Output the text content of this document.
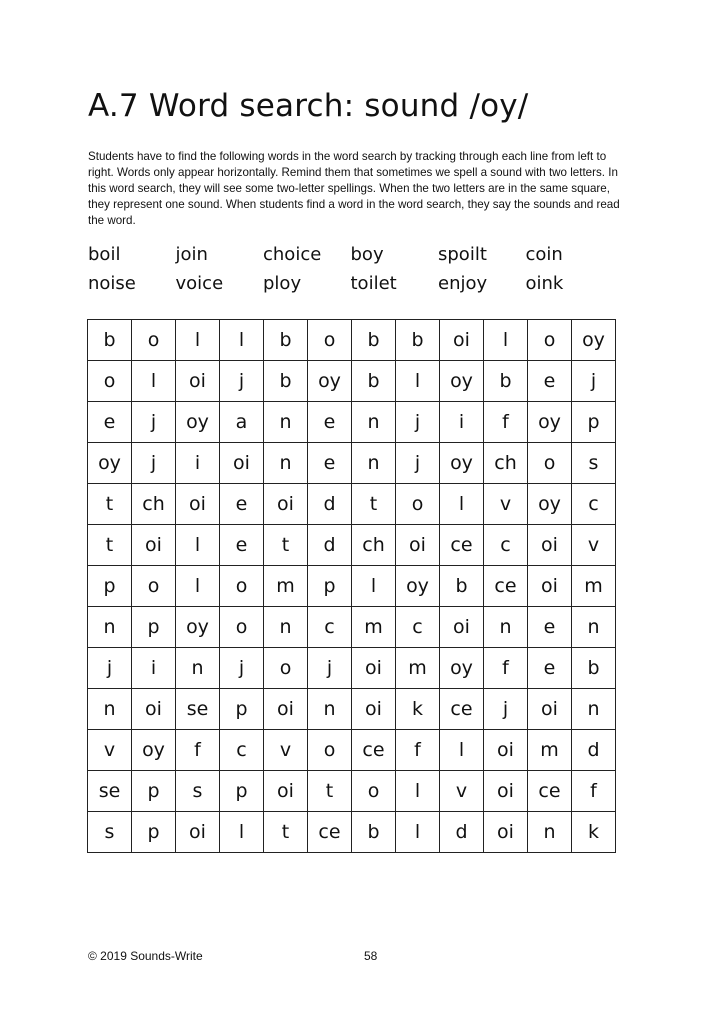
A.7 Word search: sound /oy/

Students have to find the following words in the word search by tracking through each line from left to right. Words only appear horizontally. Remind them that sometimes we spell a sound with two letters. In this word search, they will see some two-letter spellings. When the two letters are in the same square, they represent one sound. When students find a word in the word search, they say the sounds and read the word.

boil	join	choice	boy	spoilt	coin
noise	voice	ploy	toilet	enjoy	oink
b	o	l	l	b	o	b	b	oi	l	o	oy
o	l	oi	j	b	oy	b	l	oy	b	e	j
e	j	oy	a	n	e	n	j	i	f	oy	p
oy	j	i	oi	n	e	n	j	oy	ch	o	s
t	ch	oi	e	oi	d	t	o	l	v	oy	c
t	oi	l	e	t	d	ch	oi	ce	c	oi	v
p	o	l	o	m	p	l	oy	b	ce	oi	m
n	p	oy	o	n	c	m	c	oi	n	e	n
j	i	n	j	o	j	oi	m	oy	f	e	b
n	oi	se	p	oi	n	oi	k	ce	j	oi	n
v	oy	f	c	v	o	ce	f	l	oi	m	d
se	p	s	p	oi	t	o	l	v	oi	ce	f
s	p	oi	l	t	ce	b	l	d	oi	n	k
© 2019 Sounds-Write	58
